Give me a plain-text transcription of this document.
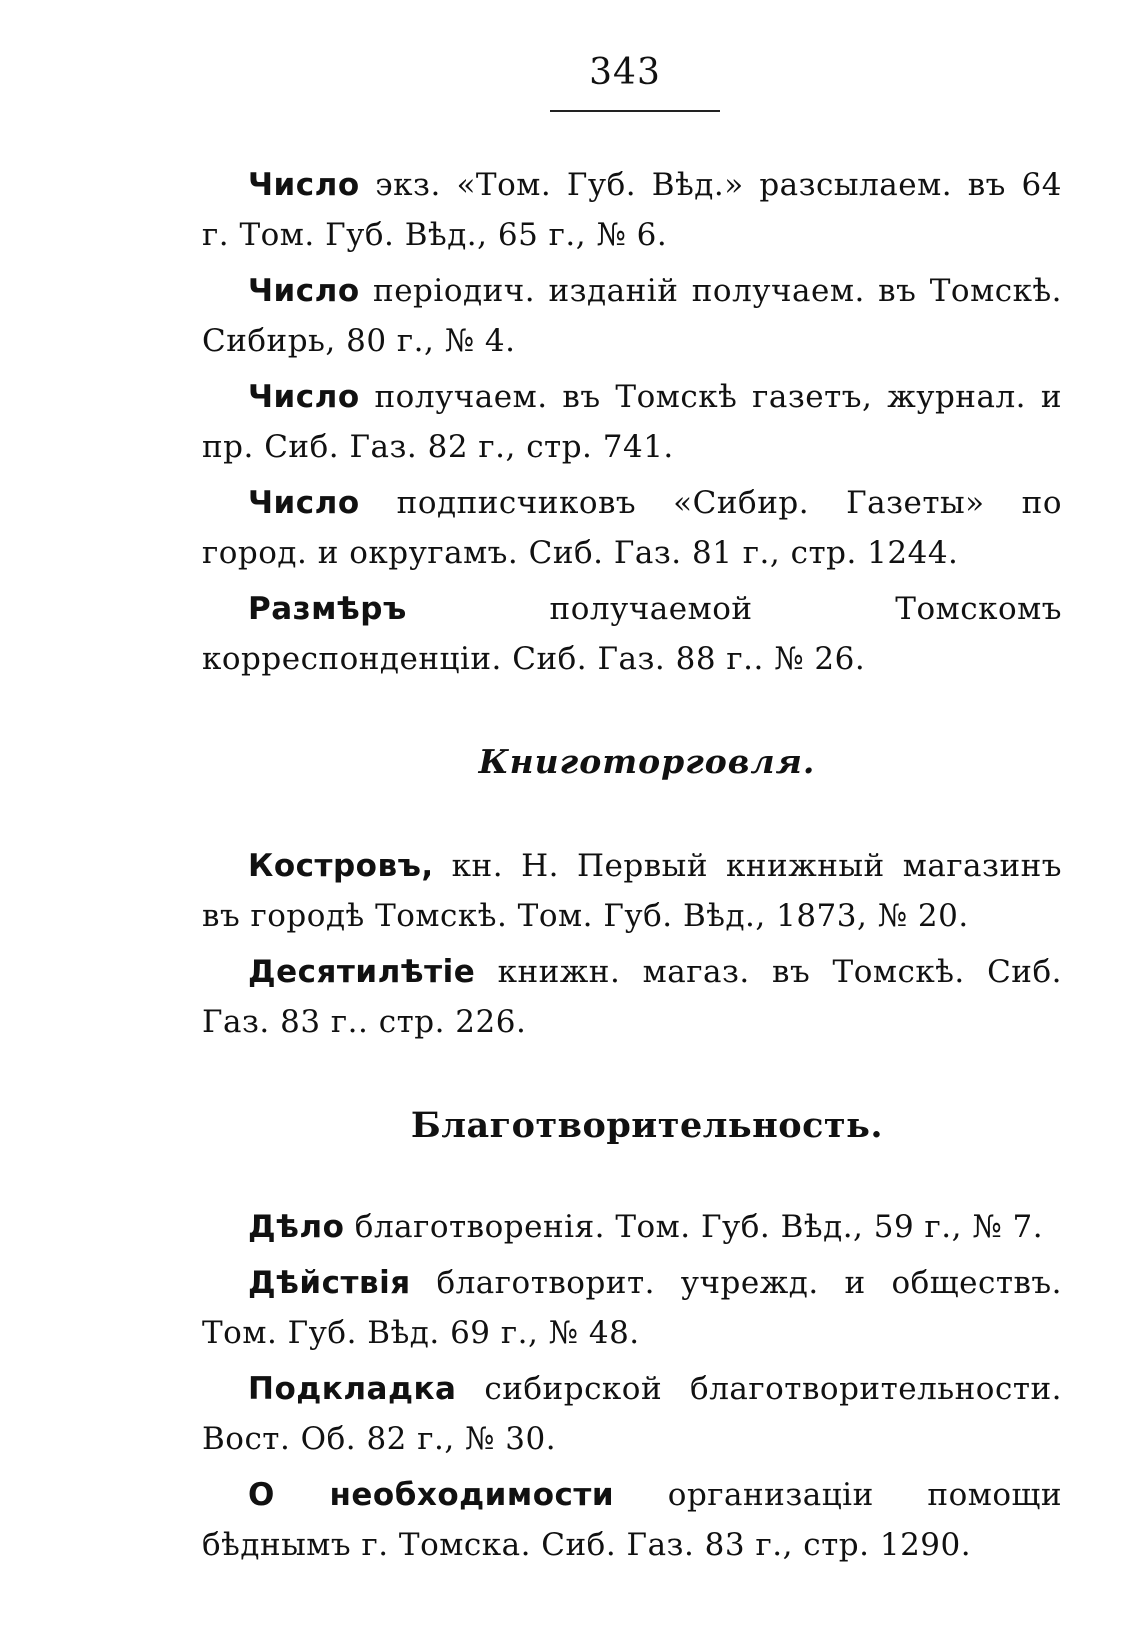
343

Число экз. «Том. Губ. Вѣд.» разсылаем. въ 64 г. Том. Губ. Вѣд., 65 г., № 6.

Число періодич. изданій получаем. въ Томскѣ. Сибирь, 80 г., № 4.

Число получаем. въ Томскѣ газетъ, журнал. и пр. Сиб. Газ. 82 г., стр. 741.

Число подписчиковъ «Сибир. Газеты» по город. и округамъ. Сиб. Газ. 81 г., стр. 1244.

Размѣръ получаемой Томскомъ корреспонденціи. Сиб. Газ. 88 г.. № 26.

Книготорговля.

Костровъ, кн. Н. Первый книжный магазинъ въ городѣ Томскѣ. Том. Губ. Вѣд., 1873, № 20.

Десятилѣтіе книжн. магаз. въ Томскѣ. Сиб. Газ. 83 г.. стр. 226.

Благотворительность.

Дѣло благотворенія. Том. Губ. Вѣд., 59 г., № 7.

Дѣйствія благотворит. учрежд. и обществъ. Том. Губ. Вѣд. 69 г., № 48.

Подкладка сибирской благотворительности. Вост. Об. 82 г., № 30.

О необходимости организаціи помощи бѣднымъ г. Томска. Сиб. Газ. 83 г., стр. 1290.
